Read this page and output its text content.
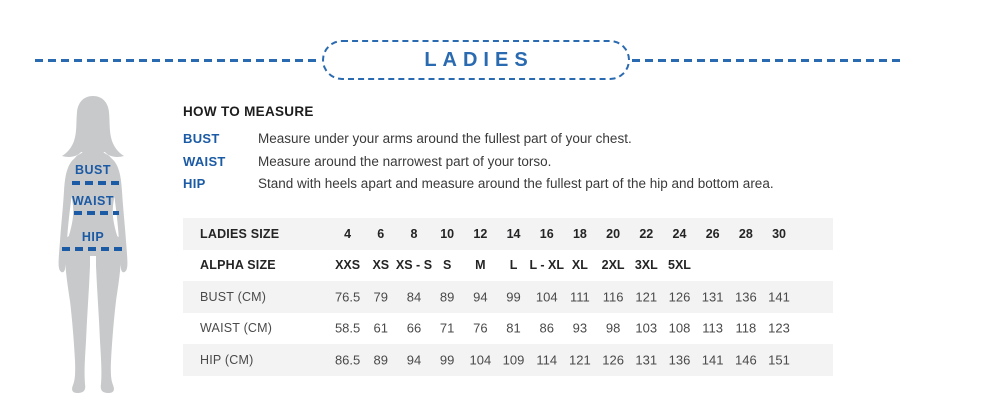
LADIES
BUST
WAIST
HIP
HOW TO MEASURE
BUST	Measure under your arms around the fullest part of your chest.
WAIST	Measure around the narrowest part of your torso.
HIP	Stand with heels apart and measure around the fullest part of the hip and bottom area.
LADIES SIZE	4 6 8 10 12 14 16 18 20 22 24 26 28 30
ALPHA SIZE	XXS XS XS - S S M L L - XL XL 2XL 3XL 5XL
BUST (CM)	76.5 79 84 89 94 99 104 111 116 121 126 131 136 141
WAIST (CM)	58.5 61 66 71 76 81 86 93 98 103 108 113 118 123
HIP (CM)	86.5 89 94 99 104 109 114 121 126 131 136 141 146 151
